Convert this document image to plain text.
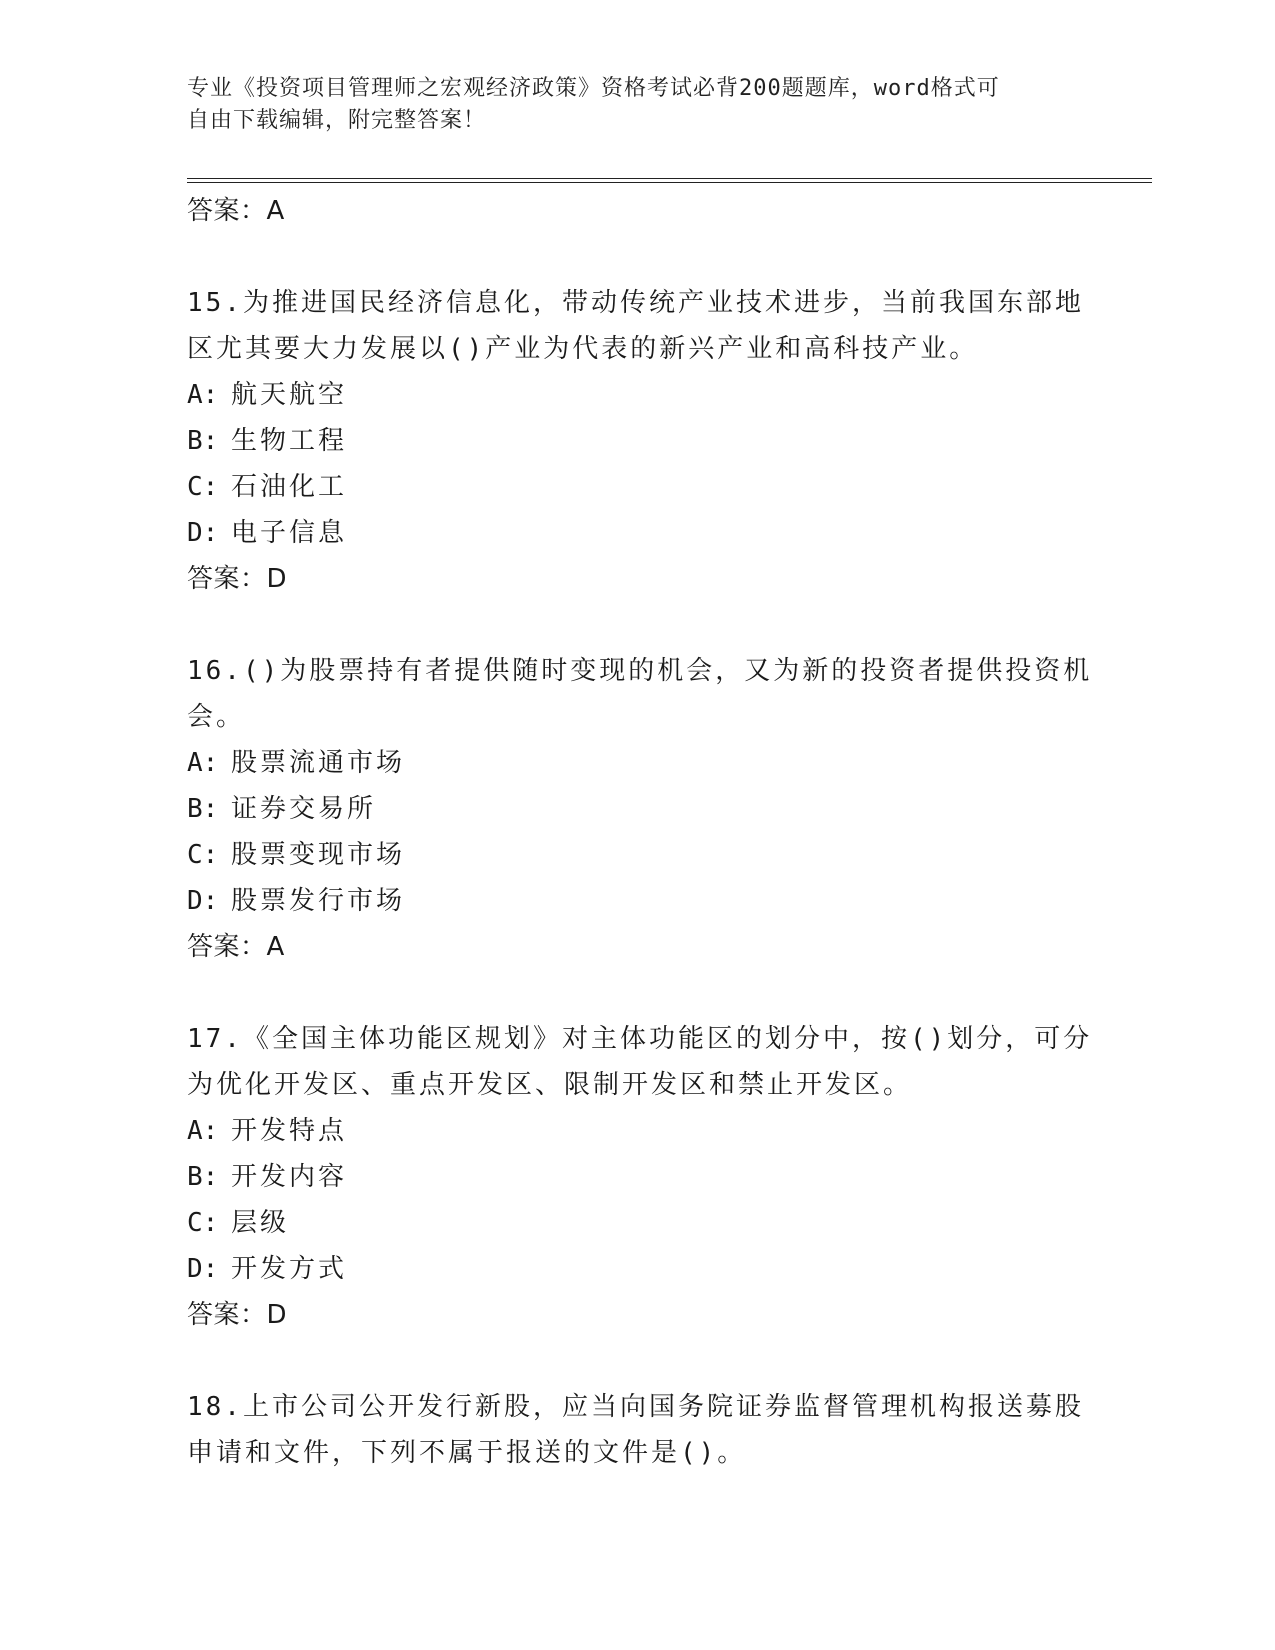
专业《投资项目管理师之宏观经济政策》资格考试必背200题题库，word格式可
自由下载编辑，附完整答案！
答案：A
15.为推进国民经济信息化，带动传统产业技术进步，当前我国东部地
区尤其要大力发展以()产业为代表的新兴产业和高科技产业。
A: 航天航空
B: 生物工程
C: 石油化工
D: 电子信息
答案：D
16.()为股票持有者提供随时变现的机会，又为新的投资者提供投资机
会。
A: 股票流通市场
B: 证券交易所
C: 股票变现市场
D: 股票发行市场
答案：A
17.《全国主体功能区规划》对主体功能区的划分中，按()划分，可分
为优化开发区、重点开发区、限制开发区和禁止开发区。
A: 开发特点
B: 开发内容
C: 层级
D: 开发方式
答案：D
18.上市公司公开发行新股，应当向国务院证券监督管理机构报送募股
申请和文件，下列不属于报送的文件是()。
